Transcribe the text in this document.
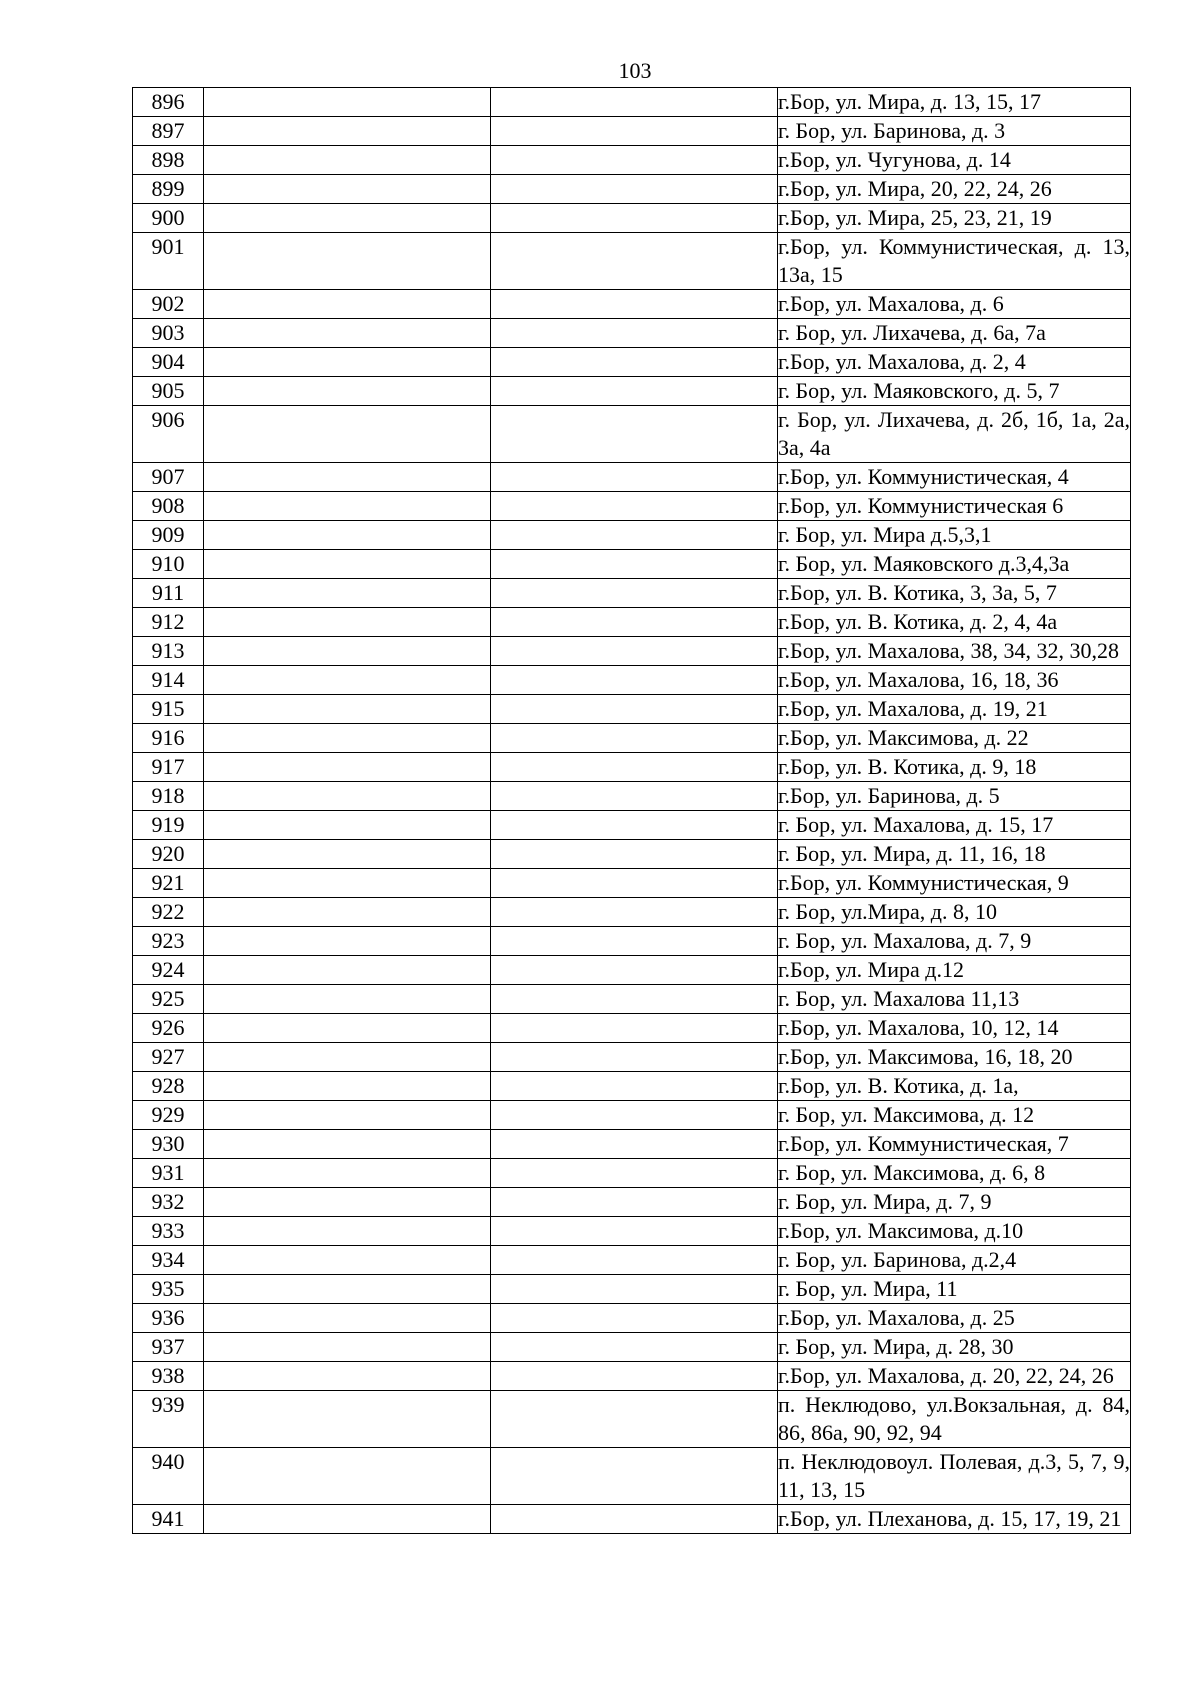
103
896			г.Бор, ул. Мира, д. 13, 15, 17
897			г. Бор, ул. Баринова, д. 3
898			г.Бор, ул. Чугунова, д. 14
899			г.Бор, ул. Мира, 20, 22, 24, 26
900			г.Бор, ул. Мира, 25, 23, 21, 19
901			г.Бор, ул. Коммунистическая, д. 13, 13а, 15
902			г.Бор, ул. Махалова, д. 6
903			г. Бор, ул. Лихачева, д. 6а, 7а
904			г.Бор, ул. Махалова, д. 2, 4
905			г. Бор, ул. Маяковского, д. 5, 7
906			г. Бор, ул. Лихачева, д. 2б, 1б, 1а, 2а, 3а, 4а
907			г.Бор, ул. Коммунистическая, 4
908			г.Бор, ул. Коммунистическая 6
909			г. Бор, ул. Мира д.5,3,1
910			г. Бор, ул. Маяковского д.3,4,3а
911			г.Бор, ул. В. Котика, 3, 3а, 5, 7
912			г.Бор, ул. В. Котика, д. 2, 4, 4а
913			г.Бор, ул. Махалова, 38, 34, 32, 30,28
914			г.Бор, ул. Махалова, 16, 18, 36
915			г.Бор, ул. Махалова, д. 19, 21
916			г.Бор, ул. Максимова, д. 22
917			г.Бор, ул. В. Котика, д. 9, 18
918			г.Бор, ул. Баринова, д. 5
919			г. Бор, ул. Махалова, д. 15, 17
920			г. Бор, ул. Мира, д. 11, 16, 18
921			г.Бор, ул. Коммунистическая, 9
922			г. Бор, ул.Мира, д. 8, 10
923			г. Бор, ул. Махалова, д. 7, 9
924			г.Бор, ул. Мира д.12
925			г. Бор, ул. Махалова 11,13
926			г.Бор, ул. Махалова, 10, 12, 14
927			г.Бор, ул. Максимова, 16, 18, 20
928			г.Бор, ул. В. Котика, д. 1а,
929			г. Бор, ул. Максимова, д. 12
930			г.Бор, ул. Коммунистическая, 7
931			г. Бор, ул. Максимова, д. 6, 8
932			г. Бор, ул. Мира, д. 7, 9
933			г.Бор, ул. Максимова, д.10
934			г. Бор, ул. Баринова, д.2,4
935			г. Бор, ул. Мира, 11
936			г.Бор, ул. Махалова, д. 25
937			г. Бор, ул. Мира, д. 28, 30
938			г.Бор, ул. Махалова, д. 20, 22, 24, 26
939			п. Неклюдово, ул.Вокзальная, д. 84, 86, 86а, 90, 92, 94
940			п. Неклюдовоул. Полевая, д.3, 5, 7, 9, 11, 13, 15
941			г.Бор, ул. Плеханова, д. 15, 17, 19, 21
